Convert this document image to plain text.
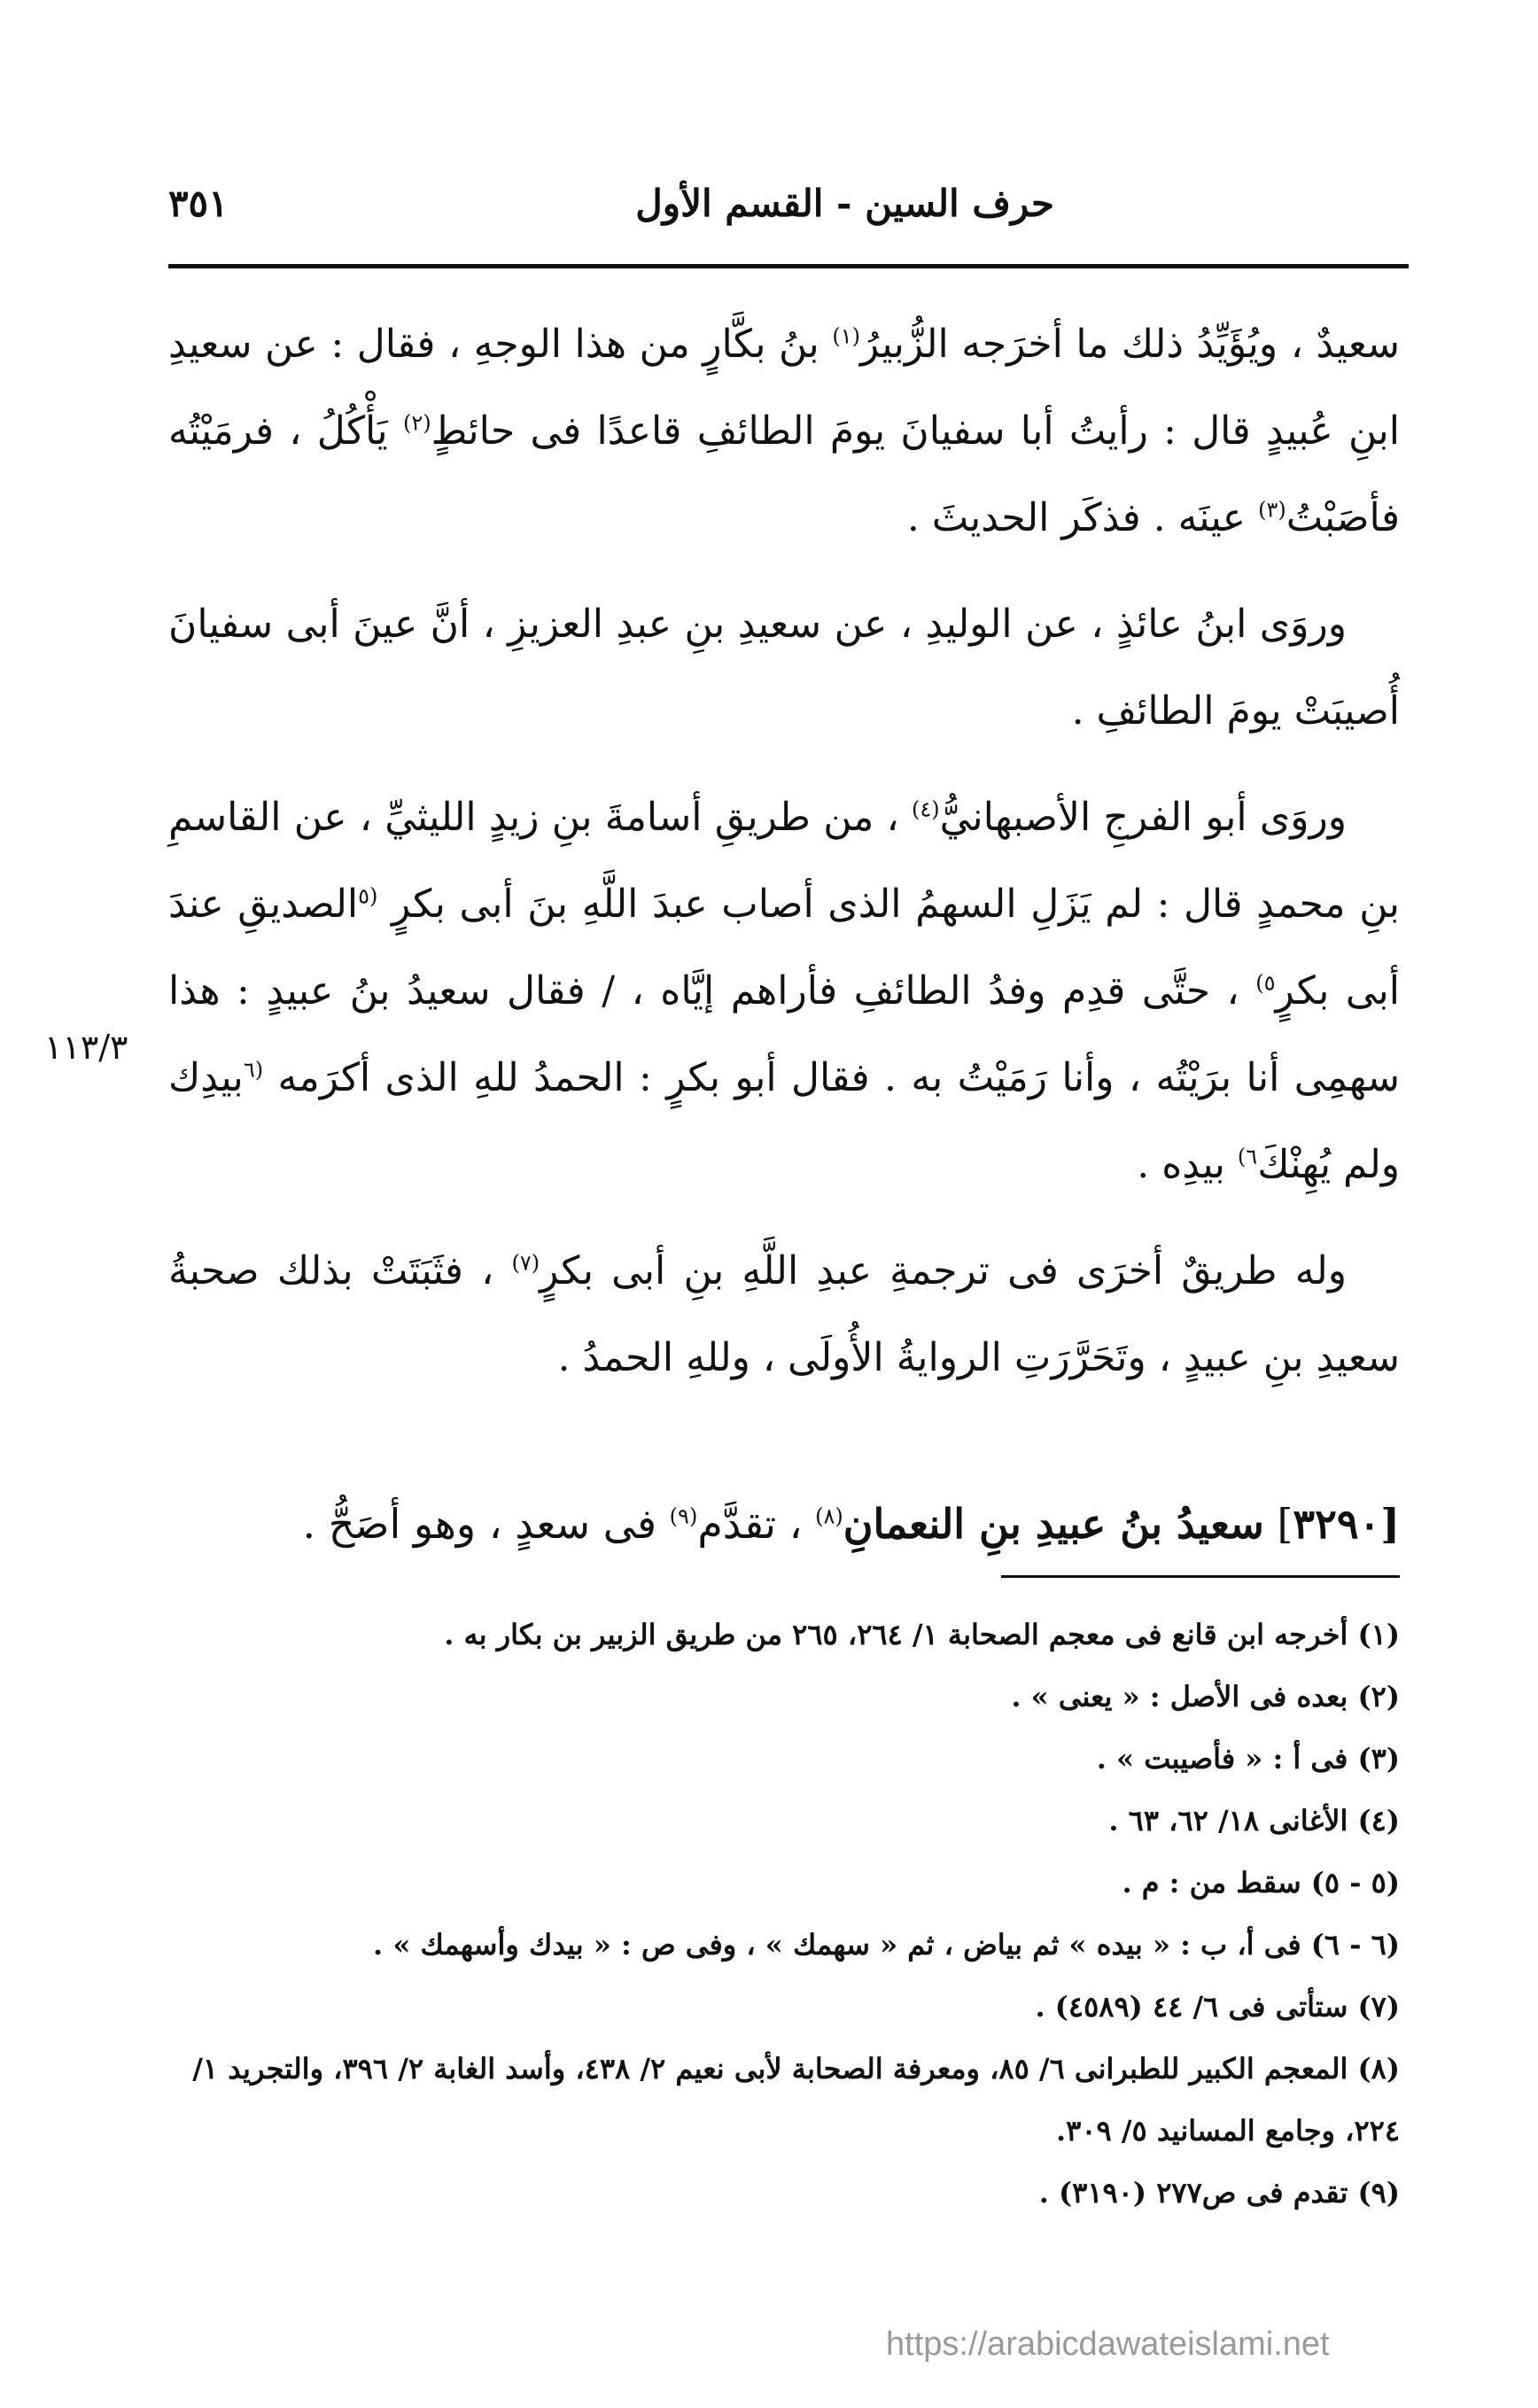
حرف السين - القسم الأول
٣٥١

سعيدٌ ، ويُؤَيِّدُ ذلك ما أخرَجه الزُّبيرُ$^{(١)}$ بنُ بكَّارٍ من هذا الوجهِ ، فقال : عن سعيدِ ابنِ عُبيدٍ قال : رأيتُ أبا سفيانَ يومَ الطائفِ قاعدًا فى حائطٍ$^{(٢)}$ يَأْكُلُ ، فرمَيْتُه فأصَبْتُ$^{(٣)}$ عينَه . فذكَر الحديثَ .

وروَى ابنُ عائذٍ ، عن الوليدِ ، عن سعيدِ بنِ عبدِ العزيزِ ، أنَّ عينَ أبى سفيانَ أُصيبَتْ يومَ الطائفِ .

وروَى أبو الفرجِ الأصبهانيُّ$^{(٤)}$ ، من طريقِ أسامةَ بنِ زيدٍ الليثيِّ ، عن القاسمِ بنِ محمدٍ قال : لم يَزَلِ السهمُ الذى أصاب عبدَ اللَّهِ بنَ أبى بكرٍ $^{(٥}$الصديقِ عندَ أبى بكرٍ$^{٥)}$ ، حتَّى قدِم وفدُ الطائفِ فأراهم إيَّاه ، / فقال سعيدُ بنُ عبيدٍ : هذا سهمِى أنا برَيْتُه ، وأنا رَمَيْتُ به . فقال أبو بكرٍ : الحمدُ للهِ الذى أكرَمه $^{(٦}$بيدِك ولم يُهِنْكَ$^{٦)}$ بيدِه .

وله طريقٌ أخرَى فى ترجمةِ عبدِ اللَّهِ بنِ أبى بكرٍ$^{(٧)}$ ، فثَبَتَتْ بذلك صحبةُ سعيدِ بنِ عبيدٍ ، وتَحَرَّرَتِ الروايةُ الأُولَى ، وللهِ الحمدُ .

١١٣/٣
[٣٢٩٠] سعيدُ بنُ عبيدِ بنِ النعمانِ$^{(٨)}$ ، تقدَّم$^{(٩)}$ فى سعدٍ ، وهو أصَحُّ .

(١) أخرجه ابن قانع فى معجم الصحابة ١/ ٢٦٤، ٢٦٥ من طريق الزبير بن بكار به .

(٢) بعده فى الأصل : « يعنى » .

(٣) فى أ : « فأصيبت » .

(٤) الأغانى ١٨/ ٦٢، ٦٣ .

(٥ - ٥) سقط من : م .

(٦ - ٦) فى أ، ب : « بيده » ثم بياض ، ثم « سهمك » ، وفى ص : « بيدك وأسهمك » .

(٧) ستأتى فى ٦/ ٤٤ (٤٥٨٩) .

(٨) المعجم الكبير للطبرانى ٦/ ٨٥، ومعرفة الصحابة لأبى نعيم ٢/ ٤٣٨، وأسد الغابة ٢/ ٣٩٦، والتجريد ١/ ٢٢٤، وجامع المسانيد ٥/ ٣٠٩.

(٩) تقدم فى ص٢٧٧ (٣١٩٠) .

https://arabicdawateislami.net
